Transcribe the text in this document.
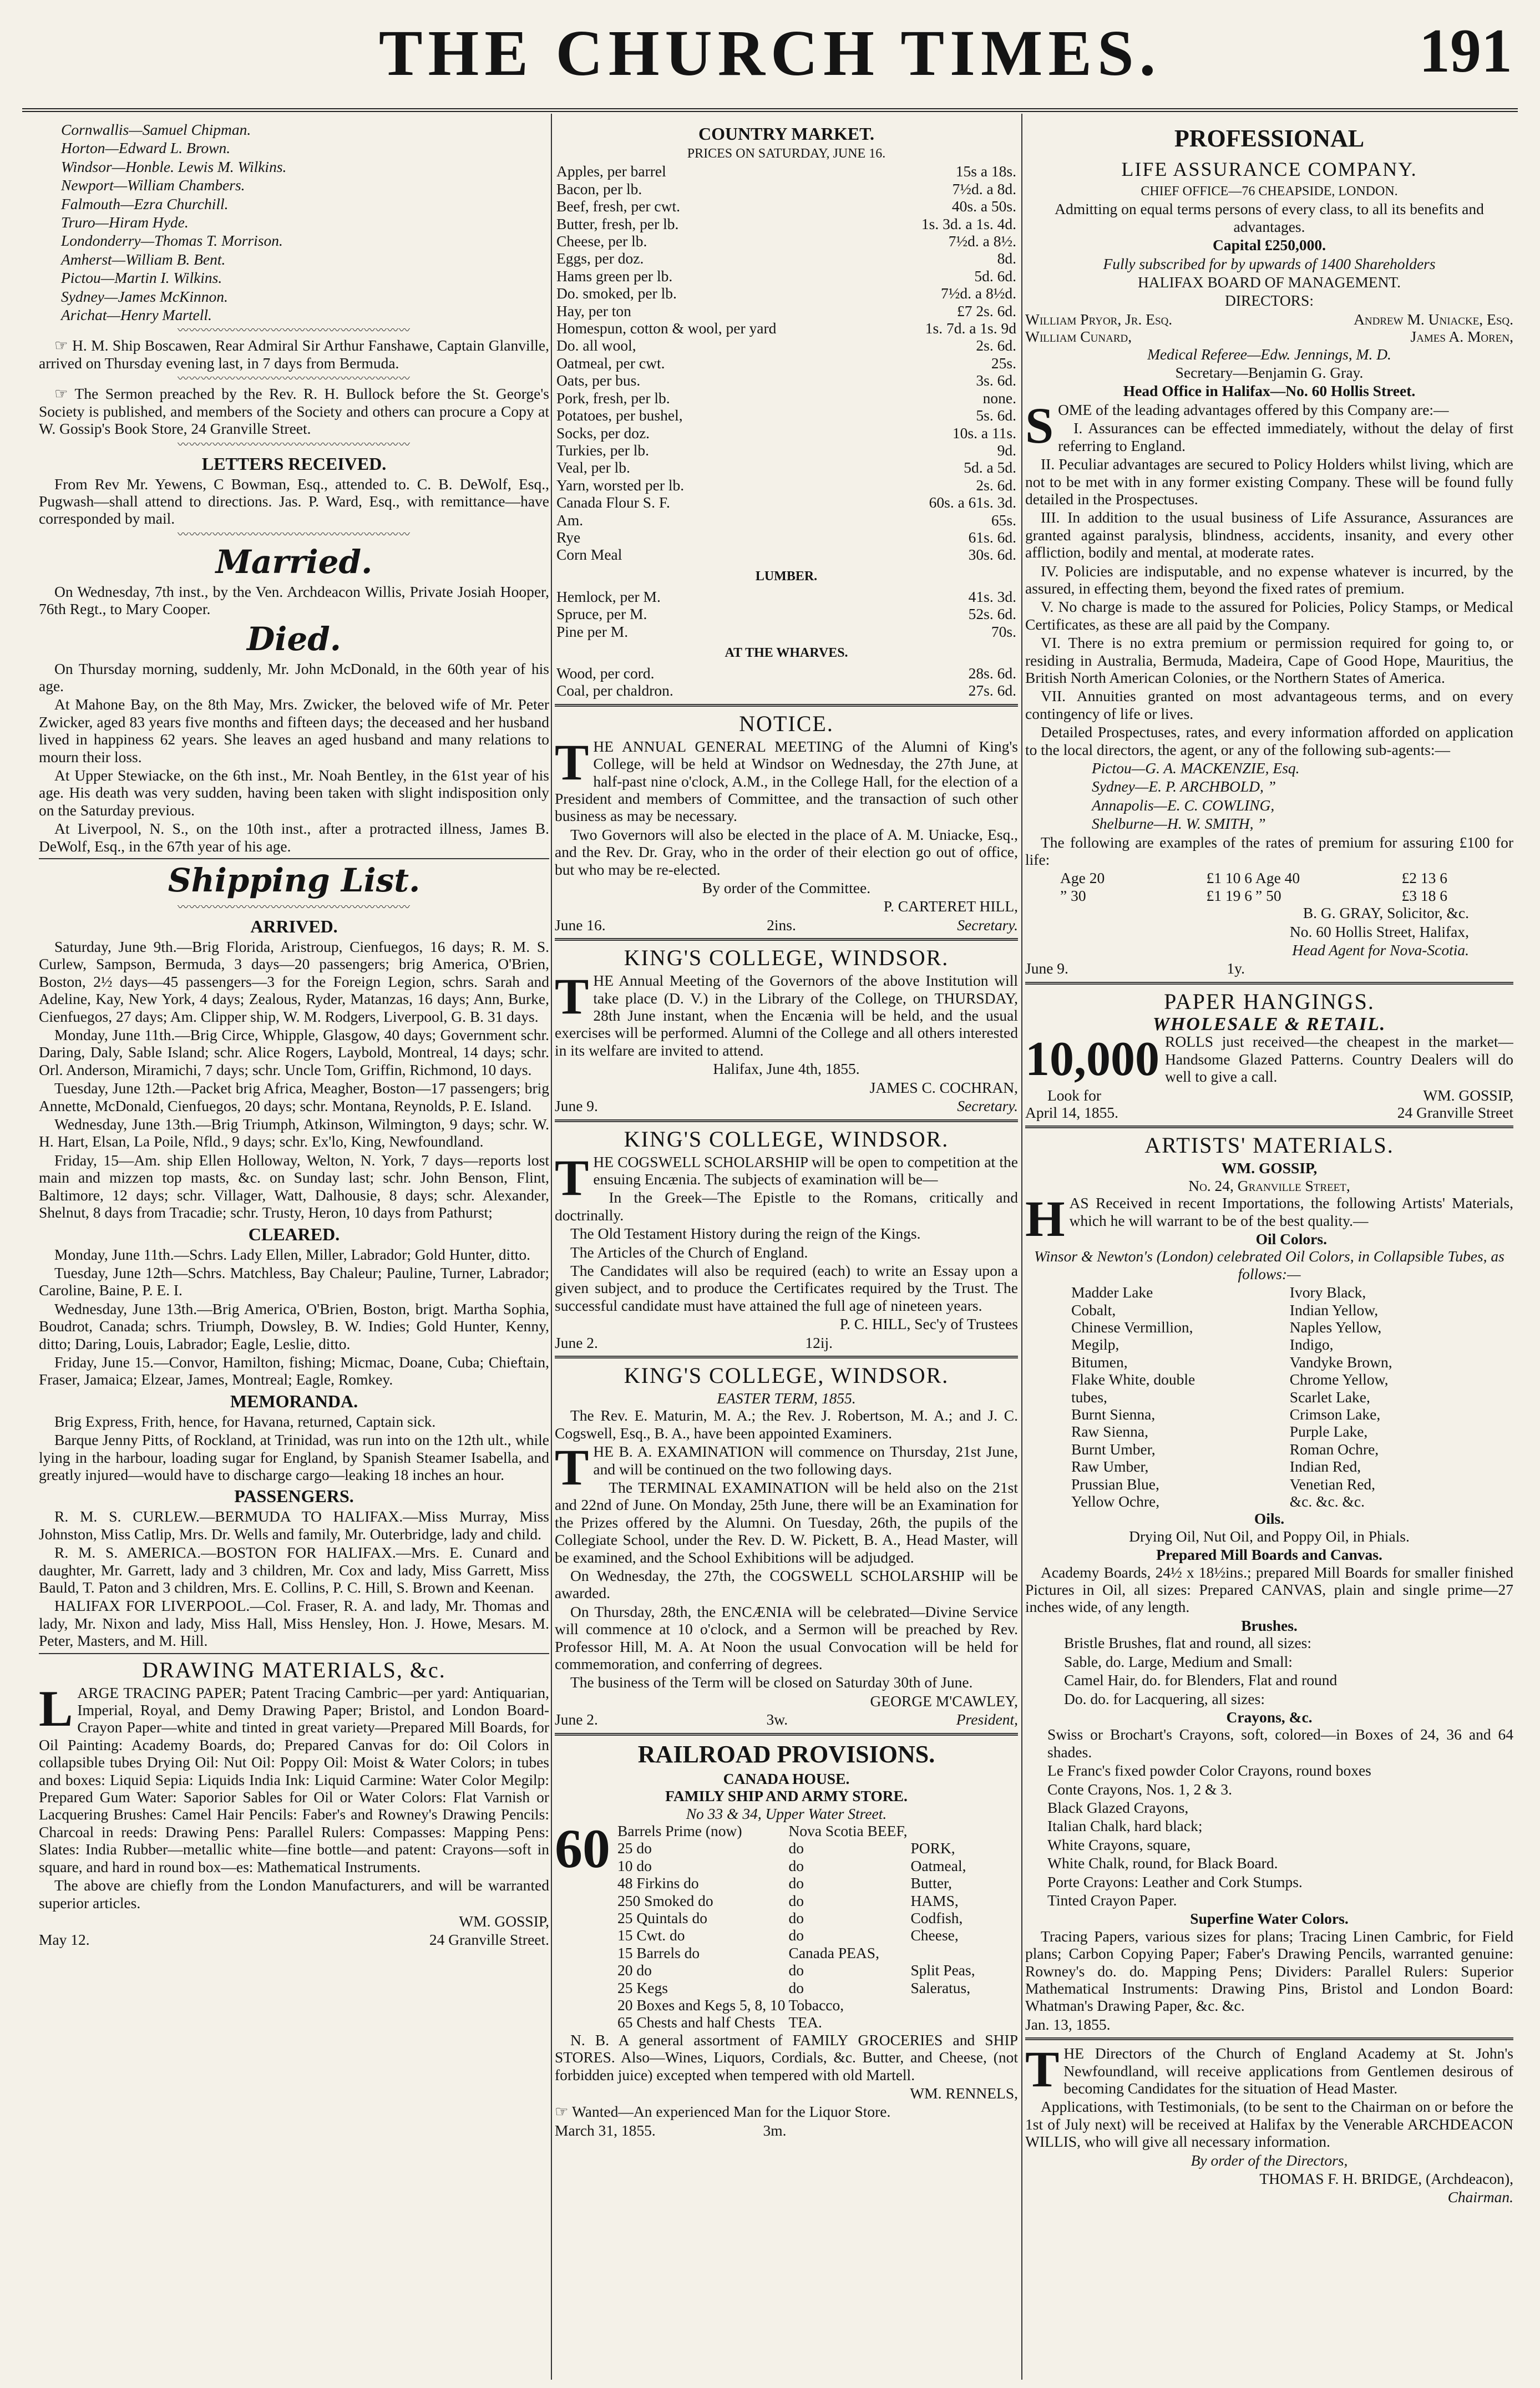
THE CHURCH TIMES.	191

Cornwallis—Samuel Chipman.

Horton—Edward L. Brown.

Windsor—Honble. Lewis M. Wilkins.

Newport—William Chambers.

Falmouth—Ezra Churchill.

Truro—Hiram Hyde.

Londonderry—Thomas T. Morrison.

Amherst—William B. Bent.

Pictou—Martin I. Wilkins.

Sydney—James McKinnon.

Arichat—Henry Martell.

〰〰〰〰〰〰〰〰〰〰〰〰〰〰〰〰〰〰〰〰

☞ H. M. Ship Boscawen, Rear Admiral Sir Arthur Fanshawe, Captain Glanville, arrived on Thursday evening last, in 7 days from Bermuda.

〰〰〰〰〰〰〰〰〰〰〰〰〰〰〰〰〰〰〰〰

☞ The Sermon preached by the Rev. R. H. Bullock before the St. George's Society is published, and members of the Society and others can procure a Copy at W. Gossip's Book Store, 24 Granville Street.

〰〰〰〰〰〰〰〰〰〰〰〰〰〰〰〰〰〰〰〰
LETTERS RECEIVED.

From Rev Mr. Yewens, C Bowman, Esq., attended to. C. B. DeWolf, Esq., Pugwash—shall attend to directions. Jas. P. Ward, Esq., with remittance—have corresponded by mail.

〰〰〰〰〰〰〰〰〰〰〰〰〰〰〰〰〰〰〰〰
Married.

On Wednesday, 7th inst., by the Ven. Archdeacon Willis, Private Josiah Hooper, 76th Regt., to Mary Cooper.

Died.

On Thursday morning, suddenly, Mr. John McDonald, in the 60th year of his age.

At Mahone Bay, on the 8th May, Mrs. Zwicker, the beloved wife of Mr. Peter Zwicker, aged 83 years five months and fifteen days; the deceased and her husband lived in happiness 62 years. She leaves an aged husband and many relations to mourn their loss.

At Upper Stewiacke, on the 6th inst., Mr. Noah Bentley, in the 61st year of his age. His death was very sudden, having been taken with slight indisposition only on the Saturday previous.

At Liverpool, N. S., on the 10th inst., after a protracted illness, James B. DeWolf, Esq., in the 67th year of his age.

Shipping List.
〰〰〰〰〰〰〰〰〰〰〰〰〰〰〰〰〰〰〰〰
ARRIVED.

Saturday, June 9th.—Brig Florida, Aristroup, Cienfuegos, 16 days; R. M. S. Curlew, Sampson, Bermuda, 3 days—20 passengers; brig America, O'Brien, Boston, 2½ days—45 passengers—3 for the Foreign Legion, schrs. Sarah and Adeline, Kay, New York, 4 days; Zealous, Ryder, Matanzas, 16 days; Ann, Burke, Cienfuegos, 27 days; Am. Clipper ship, W. M. Rodgers, Liverpool, G. B. 31 days.

Monday, June 11th.—Brig Circe, Whipple, Glasgow, 40 days; Government schr. Daring, Daly, Sable Island; schr. Alice Rogers, Laybold, Montreal, 14 days; schr. Orl. Anderson, Miramichi, 7 days; schr. Uncle Tom, Griffin, Richmond, 10 days.

Tuesday, June 12th.—Packet brig Africa, Meagher, Boston—17 passengers; brig Annette, McDonald, Cienfuegos, 20 days; schr. Montana, Reynolds, P. E. Island.

Wednesday, June 13th.—Brig Triumph, Atkinson, Wilmington, 9 days; schr. W. H. Hart, Elsan, La Poile, Nfld., 9 days; schr. Ex'lo, King, Newfoundland.

Friday, 15—Am. ship Ellen Holloway, Welton, N. York, 7 days—reports lost main and mizzen top masts, &c. on Sunday last; schr. John Benson, Flint, Baltimore, 12 days; schr. Villager, Watt, Dalhousie, 8 days; schr. Alexander, Shelnut, 8 days from Tracadie; schr. Trusty, Heron, 10 days from Pathurst;

CLEARED.

Monday, June 11th.—Schrs. Lady Ellen, Miller, Labrador; Gold Hunter, ditto.

Tuesday, June 12th—Schrs. Matchless, Bay Chaleur; Pauline, Turner, Labrador; Caroline, Baine, P. E. I.

Wednesday, June 13th.—Brig America, O'Brien, Boston, brigt. Martha Sophia, Boudrot, Canada; schrs. Triumph, Dowsley, B. W. Indies; Gold Hunter, Kenny, ditto; Daring, Louis, Labrador; Eagle, Leslie, ditto.

Friday, June 15.—Convor, Hamilton, fishing; Micmac, Doane, Cuba; Chieftain, Fraser, Jamaica; Elzear, James, Montreal; Eagle, Romkey.

MEMORANDA.

Brig Express, Frith, hence, for Havana, returned, Captain sick.

Barque Jenny Pitts, of Rockland, at Trinidad, was run into on the 12th ult., while lying in the harbour, loading sugar for England, by Spanish Steamer Isabella, and greatly injured—would have to discharge cargo—leaking 18 inches an hour.

PASSENGERS.

R. M. S. CURLEW.—BERMUDA TO HALIFAX.—Miss Murray, Miss Johnston, Miss Catlip, Mrs. Dr. Wells and family, Mr. Outerbridge, lady and child.

R. M. S. AMERICA.—BOSTON FOR HALIFAX.—Mrs. E. Cunard and daughter, Mr. Garrett, lady and 3 children, Mr. Cox and lady, Miss Garrett, Miss Bauld, T. Paton and 3 children, Mrs. E. Collins, P. C. Hill, S. Brown and Keenan.

HALIFAX FOR LIVERPOOL.—Col. Fraser, R. A. and lady, Mr. Thomas and lady, Mr. Nixon and lady, Miss Hall, Miss Hensley, Hon. J. Howe, Mesars. M. Peter, Masters, and M. Hill.

DRAWING MATERIALS, &c.

LARGE TRACING PAPER; Patent Tracing Cambric—per yard: Antiquarian, Imperial, Royal, and Demy Drawing Paper; Bristol, and London Board-Crayon Paper—white and tinted in great variety—Prepared Mill Boards, for Oil Painting: Academy Boards, do; Prepared Canvas for do: Oil Colors in collapsible tubes Drying Oil: Nut Oil: Poppy Oil: Moist & Water Colors; in tubes and boxes: Liquid Sepia: Liquids India Ink: Liquid Carmine: Water Color Megilp: Prepared Gum Water: Saporior Sables for Oil or Water Colors: Flat Varnish or Lacquering Brushes: Camel Hair Pencils: Faber's and Rowney's Drawing Pencils: Charcoal in reeds: Drawing Pens: Parallel Rulers: Compasses: Mapping Pens: Slates: India Rubber—metallic white—fine bottle—and patent: Crayons—soft in square, and hard in round box—es: Mathematical Instruments.

The above are chiefly from the London Manufacturers, and will be warranted superior articles.

WM. GOSSIP,

May 12.	24 Granville Street.
COUNTRY MARKET.
PRICES ON SATURDAY, JUNE 16.
Apples, per barrel	15s a 18s.
Bacon, per lb.	7½d. a 8d.
Beef, fresh, per cwt.	40s. a 50s.
Butter, fresh, per lb.	1s. 3d. a 1s. 4d.
Cheese, per lb.	7½d. a 8½.
Eggs, per doz.	8d.
Hams green per lb.	5d. 6d.
Do. smoked, per lb.	7½d. a 8½d.
Hay, per ton	£7 2s. 6d.
Homespun, cotton & wool, per yard	1s. 7d. a 1s. 9d
Do. all wool,	2s. 6d.
Oatmeal, per cwt.	25s.
Oats, per bus.	3s. 6d.
Pork, fresh, per lb.	none.
Potatoes, per bushel,	5s. 6d.
Socks, per doz.	10s. a 11s.
Turkies, per lb.	9d.
Veal, per lb.	5d. a 5d.
Yarn, worsted per lb.	2s. 6d.
Canada Flour S. F.	60s. a 61s. 3d.
Am.	65s.
Rye	61s. 6d.
Corn Meal	30s. 6d.
LUMBER.
Hemlock, per M.	41s. 3d.
Spruce, per M.	52s. 6d.
Pine per M.	70s.
AT THE WHARVES.
Wood, per cord.	28s. 6d.
Coal, per chaldron.	27s. 6d.
NOTICE.

THE ANNUAL GENERAL MEETING of the Alumni of King's College, will be held at Windsor on Wednesday, the 27th June, at half-past nine o'clock, A.M., in the College Hall, for the election of a President and members of Committee, and the transaction of such other business as may be necessary.

Two Governors will also be elected in the place of A. M. Uniacke, Esq., and the Rev. Dr. Gray, who in the order of their election go out of office, but who may be re-elected.

By order of the Committee.

P. CARTERET HILL,

June 16.	2ins.	Secretary.
KING'S COLLEGE, WINDSOR.

THE Annual Meeting of the Governors of the above Institution will take place (D. V.) in the Library of the College, on THURSDAY, 28th June instant, when the Encænia will be held, and the usual exercises will be performed. Alumni of the College and all others interested in its welfare are invited to attend.

Halifax, June 4th, 1855.

JAMES C. COCHRAN,

June 9.	Secretary.
KING'S COLLEGE, WINDSOR.

THE COGSWELL SCHOLARSHIP will be open to competition at the ensuing Encænia. The subjects of examination will be—

In the Greek—The Epistle to the Romans, critically and doctrinally.

The Old Testament History during the reign of the Kings.

The Articles of the Church of England.

The Candidates will also be required (each) to write an Essay upon a given subject, and to produce the Certificates required by the Trust. The successful candidate must have attained the full age of nineteen years.

P. C. HILL, Sec'y of Trustees

June 2.	12ij.
KING'S COLLEGE, WINDSOR.
EASTER TERM, 1855.

The Rev. E. Maturin, M. A.; the Rev. J. Robertson, M. A.; and J. C. Cogswell, Esq., B. A., have been appointed Examiners.

THE B. A. EXAMINATION will commence on Thursday, 21st June, and will be continued on the two following days.

The TERMINAL EXAMINATION will be held also on the 21st and 22nd of June. On Monday, 25th June, there will be an Examination for the Prizes offered by the Alumni. On Tuesday, 26th, the pupils of the Collegiate School, under the Rev. D. W. Pickett, B. A., Head Master, will be examined, and the School Exhibitions will be adjudged.

On Wednesday, the 27th, the COGSWELL SCHOLARSHIP will be awarded.

On Thursday, 28th, the ENCÆNIA will be celebrated—Divine Service will commence at 10 o'clock, and a Sermon will be preached by Rev. Professor Hill, M. A. At Noon the usual Convocation will be held for commemoration, and conferring of degrees.

The business of the Term will be closed on Saturday 30th of June.

GEORGE M'CAWLEY,

June 2.	3w.	President,
RAILROAD PROVISIONS.
CANADA HOUSE.
FAMILY SHIP AND ARMY STORE.
No 33 & 34, Upper Water Street.
60 Barrels Prime (now)	Nova Scotia BEEF,	
25 do	do	PORK,
10 do	do	Oatmeal,
48 Firkins do	do	Butter,
250 Smoked do	do	HAMS,
25 Quintals do	do	Codfish,
15 Cwt. do	do	Cheese,
15 Barrels do	Canada PEAS,	
20 do	do	Split Peas,
25 Kegs	do	Saleratus,
20 Boxes and Kegs 5, 8, 10	Tobacco,	
65 Chests and half Chests	TEA.	

N. B. A general assortment of FAMILY GROCERIES and SHIP STORES. Also—Wines, Liquors, Cordials, &c. Butter, and Cheese, (not forbidden juice) excepted when tempered with old Martell.

WM. RENNELS,

☞ Wanted—An experienced Man for the Liquor Store.

March 31, 1855.	3m.
PROFESSIONAL
LIFE ASSURANCE COMPANY.
CHIEF OFFICE—76 CHEAPSIDE, LONDON.

Admitting on equal terms persons of every class, to all its benefits and advantages.

Capital £250,000.

Fully subscribed for by upwards of 1400 Shareholders

HALIFAX BOARD OF MANAGEMENT.

DIRECTORS:

William Pryor, Jr. Esq.	Andrew M. Uniacke, Esq.
William Cunard,	James A. Moren,

Medical Referee—Edw. Jennings, M. D.

Secretary—Benjamin G. Gray.

Head Office in Halifax—No. 60 Hollis Street.

SOME of the leading advantages offered by this Company are:—

I. Assurances can be effected immediately, without the delay of first referring to England.

II. Peculiar advantages are secured to Policy Holders whilst living, which are not to be met with in any former existing Company. These will be found fully detailed in the Prospectuses.

III. In addition to the usual business of Life Assurance, Assurances are granted against paralysis, blindness, accidents, insanity, and every other affliction, bodily and mental, at moderate rates.

IV. Policies are indisputable, and no expense whatever is incurred, by the assured, in effecting them, beyond the fixed rates of premium.

V. No charge is made to the assured for Policies, Policy Stamps, or Medical Certificates, as these are all paid by the Company.

VI. There is no extra premium or permission required for going to, or residing in Australia, Bermuda, Madeira, Cape of Good Hope, Mauritius, the British North American Colonies, or the Northern States of America.

VII. Annuities granted on most advantageous terms, and on every contingency of life or lives.

Detailed Prospectuses, rates, and every information afforded on application to the local directors, the agent, or any of the following sub-agents:—

Pictou—G. A. MACKENZIE, Esq.

Sydney—E. P. ARCHBOLD, ”

Annapolis—E. C. COWLING,

Shelburne—H. W. SMITH, ”

The following are examples of the rates of premium for assuring £100 for life:

Age 20	£1 10 6	Age 40	£2 13 6
” 30	£1 19 6	” 50	£3 18 6

B. G. GRAY, Solicitor, &c.

No. 60 Hollis Street, Halifax,

Head Agent for Nova-Scotia.

June 9.	1y.
PAPER HANGINGS.
WHOLESALE & RETAIL.

10,000 ROLLS just received—the cheapest in the market—Handsome Glazed Patterns. Country Dealers will do well to give a call.

Look for	WM. GOSSIP,
April 14, 1855.	24 Granville Street
ARTISTS' MATERIALS.
WM. GOSSIP,
No. 24, Granville Street,

HAS Received in recent Importations, the following Artists' Materials, which he will warrant to be of the best quality.—

Oil Colors.

Winsor & Newton's (London) celebrated Oil Colors, in Collapsible Tubes, as follows:—

Madder Lake	Ivory Black,
Cobalt,	Indian Yellow,
Chinese Vermillion,	Naples Yellow,
Megilp,	Indigo,
Bitumen,	Vandyke Brown,
Flake White, double	Chrome Yellow,
tubes,	Scarlet Lake,
Burnt Sienna,	Crimson Lake,
Raw Sienna,	Purple Lake,
Burnt Umber,	Roman Ochre,
Raw Umber,	Indian Red,
Prussian Blue,	Venetian Red,
Yellow Ochre,	&c. &c. &c.
Oils.

Drying Oil, Nut Oil, and Poppy Oil, in Phials.

Prepared Mill Boards and Canvas.

Academy Boards, 24½ x 18½ins.; prepared Mill Boards for smaller finished Pictures in Oil, all sizes: Prepared CANVAS, plain and single prime—27 inches wide, of any length.

Brushes.

Bristle Brushes, flat and round, all sizes:

Sable, do. Large, Medium and Small:

Camel Hair, do. for Blenders, Flat and round

Do. do. for Lacquering, all sizes:

Crayons, &c.

Swiss or Brochart's Crayons, soft, colored—in Boxes of 24, 36 and 64 shades.

Le Franc's fixed powder Color Crayons, round boxes

Conte Crayons, Nos. 1, 2 & 3.

Black Glazed Crayons,

Italian Chalk, hard black;

White Crayons, square,

White Chalk, round, for Black Board.

Porte Crayons: Leather and Cork Stumps.

Tinted Crayon Paper.

Superfine Water Colors.

Tracing Papers, various sizes for plans; Tracing Linen Cambric, for Field plans; Carbon Copying Paper; Faber's Drawing Pencils, warranted genuine: Rowney's do. do. Mapping Pens; Dividers: Parallel Rulers: Superior Mathematical Instruments: Drawing Pins, Bristol and London Board: Whatman's Drawing Paper, &c. &c.

Jan. 13, 1855.

THE Directors of the Church of England Academy at St. John's Newfoundland, will receive applications from Gentlemen desirous of becoming Candidates for the situation of Head Master.

Applications, with Testimonials, (to be sent to the Chairman on or before the 1st of July next) will be received at Halifax by the Venerable ARCHDEACON WILLIS, who will give all necessary information.

By order of the Directors,

THOMAS F. H. BRIDGE, (Archdeacon),

Chairman.
